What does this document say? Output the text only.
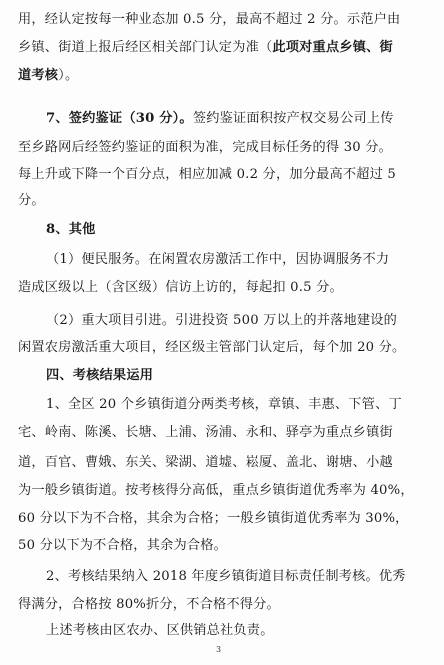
用，经认定按每一种业态加 0.5 分，最高不超过 2 分。示范户由
乡镇、街道上报后经区相关部门认定为准（此项对重点乡镇、街
道考核）。
7、签约鉴证（30 分）。签约鉴证面积按产权交易公司上传
至乡路网后经签约鉴证的面积为准，完成目标任务的得 30 分。
每上升或下降一个百分点，相应加减 0.2 分，加分最高不超过 5
分。
8、其他
（1）便民服务。在闲置农房激活工作中，因协调服务不力
造成区级以上（含区级）信访上访的，每起扣 0.5 分。
（2）重大项目引进。引进投资 500 万以上的并落地建设的
闲置农房激活重大项目，经区级主管部门认定后，每个加 20 分。
四、考核结果运用
1、全区 20 个乡镇街道分两类考核，章镇、丰惠、下管、丁
宅、岭南、陈溪、长塘、上浦、汤浦、永和、驿亭为重点乡镇街
道，百官、曹娥、东关、梁湖、道墟、崧厦、盖北、谢塘、小越
为一般乡镇街道。按考核得分高低，重点乡镇街道优秀率为 40%，
60 分以下为不合格，其余为合格；一般乡镇街道优秀率为 30%，
50 分以下为不合格，其余为合格。
2、考核结果纳入 2018 年度乡镇街道目标责任制考核。优秀
得满分，合格按 80%折分，不合格不得分。
上述考核由区农办、区供销总社负责。
3
